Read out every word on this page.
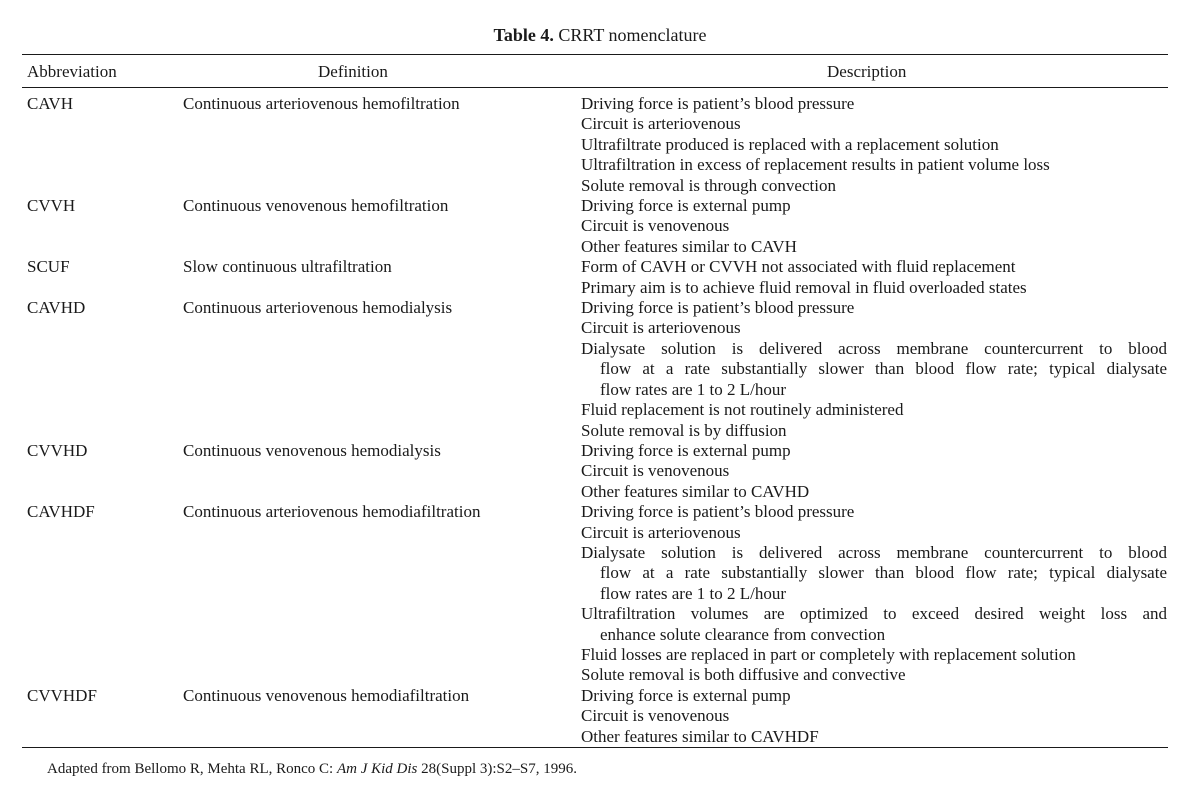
Table 4. CRRT nomenclature
Abbreviation	Definition	Description
CAVH	Continuous arteriovenous hemofiltration	Driving force is patient’s blood pressure
Circuit is arteriovenous
Ultrafiltrate produced is replaced with a replacement solution
Ultrafiltration in excess of replacement results in patient volume loss
Solute removal is through convection
CVVH	Continuous venovenous hemofiltration	Driving force is external pump
Circuit is venovenous
Other features similar to CAVH
SCUF	Slow continuous ultrafiltration	Form of CAVH or CVVH not associated with fluid replacement
Primary aim is to achieve fluid removal in fluid overloaded states
CAVHD	Continuous arteriovenous hemodialysis	Driving force is patient’s blood pressure
Circuit is arteriovenous
Dialysate solution is delivered across membrane countercurrent to blood
flow at a rate substantially slower than blood flow rate; typical dialysate
flow rates are 1 to 2 L/hour
Fluid replacement is not routinely administered
Solute removal is by diffusion
CVVHD	Continuous venovenous hemodialysis	Driving force is external pump
Circuit is venovenous
Other features similar to CAVHD
CAVHDF	Continuous arteriovenous hemodiafiltration	Driving force is patient’s blood pressure
Circuit is arteriovenous
Dialysate solution is delivered across membrane countercurrent to blood
flow at a rate substantially slower than blood flow rate; typical dialysate
flow rates are 1 to 2 L/hour
Ultrafiltration volumes are optimized to exceed desired weight loss and
enhance solute clearance from convection
Fluid losses are replaced in part or completely with replacement solution
Solute removal is both diffusive and convective
CVVHDF	Continuous venovenous hemodiafiltration	Driving force is external pump
Circuit is venovenous
Other features similar to CAVHDF
Adapted from Bellomo R, Mehta RL, Ronco C: Am J Kid Dis 28(Suppl 3):S2–S7, 1996.
